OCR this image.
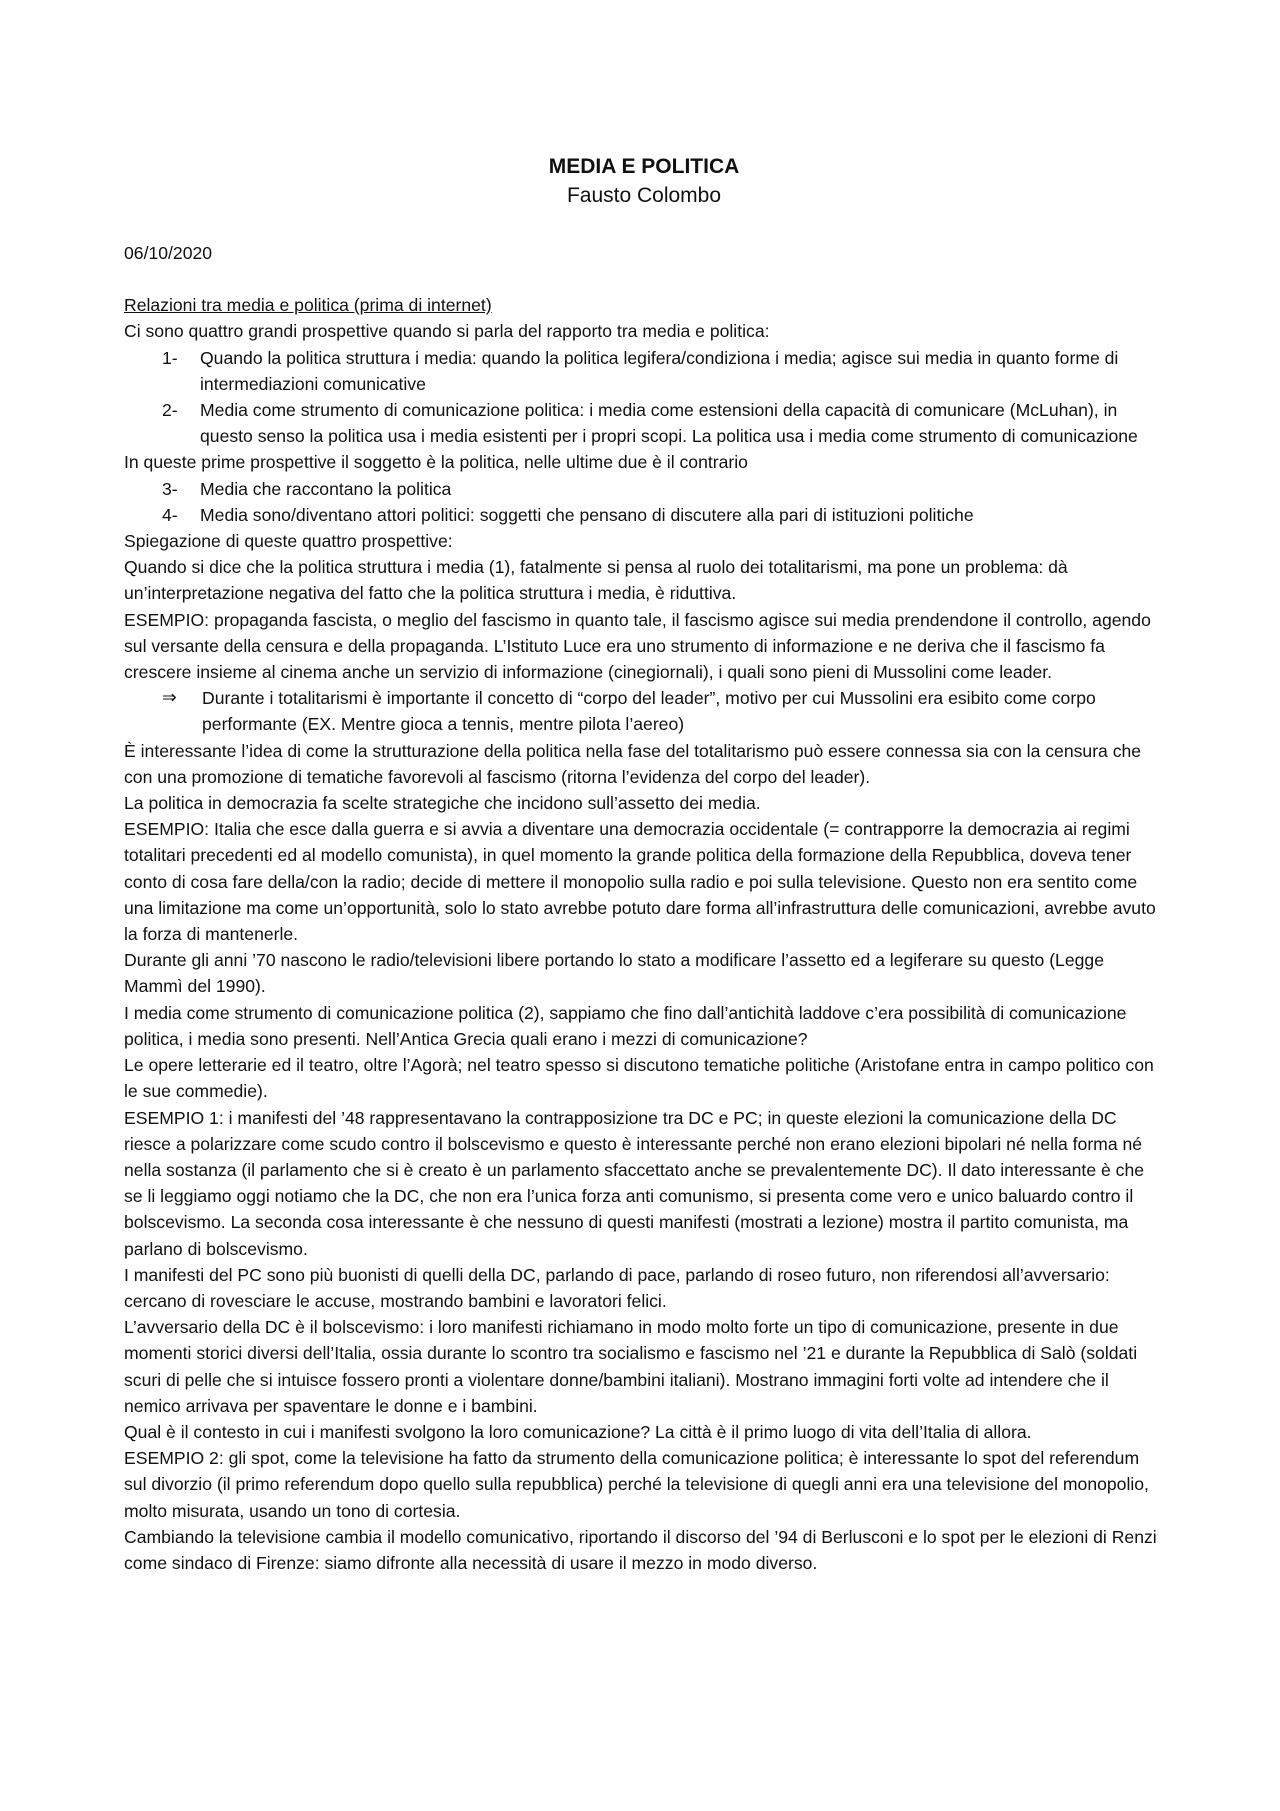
MEDIA E POLITICA
Fausto Colombo

06/10/2020

Relazioni tra media e politica (prima di internet)

Ci sono quattro grandi prospettive quando si parla del rapporto tra media e politica:

1-	Quando la politica struttura i media: quando la politica legifera/condiziona i media; agisce sui media in quanto forme di intermediazioni comunicative
2-	Media come strumento di comunicazione politica: i media come estensioni della capacità di comunicare (McLuhan), in questo senso la politica usa i media esistenti per i propri scopi. La politica usa i media come strumento di comunicazione

In queste prime prospettive il soggetto è la politica, nelle ultime due è il contrario

3-	Media che raccontano la politica
4-	Media sono/diventano attori politici: soggetti che pensano di discutere alla pari di istituzioni politiche

Spiegazione di queste quattro prospettive:

Quando si dice che la politica struttura i media (1), fatalmente si pensa al ruolo dei totalitarismi, ma pone un problema: dà un’interpretazione negativa del fatto che la politica struttura i media, è riduttiva.

ESEMPIO: propaganda fascista, o meglio del fascismo in quanto tale, il fascismo agisce sui media prendendone il controllo, agendo sul versante della censura e della propaganda. L’Istituto Luce era uno strumento di informazione e ne deriva che il fascismo fa crescere insieme al cinema anche un servizio di informazione (cinegiornali), i quali sono pieni di Mussolini come leader.

⇒	Durante i totalitarismi è importante il concetto di “corpo del leader”, motivo per cui Mussolini era esibito come corpo performante (EX. Mentre gioca a tennis, mentre pilota l’aereo)

È interessante l’idea di come la strutturazione della politica nella fase del totalitarismo può essere connessa sia con la censura che con una promozione di tematiche favorevoli al fascismo (ritorna l’evidenza del corpo del leader).

La politica in democrazia fa scelte strategiche che incidono sull’assetto dei media.

ESEMPIO: Italia che esce dalla guerra e si avvia a diventare una democrazia occidentale (= contrapporre la democrazia ai regimi totalitari precedenti ed al modello comunista), in quel momento la grande politica della formazione della Repubblica, doveva tener conto di cosa fare della/con la radio; decide di mettere il monopolio sulla radio e poi sulla televisione. Questo non era sentito come una limitazione ma come un’opportunità, solo lo stato avrebbe potuto dare forma all’infrastruttura delle comunicazioni, avrebbe avuto la forza di mantenerle.

Durante gli anni ’70 nascono le radio/televisioni libere portando lo stato a modificare l’assetto ed a legiferare su questo (Legge Mammì del 1990).

I media come strumento di comunicazione politica (2), sappiamo che fino dall’antichità laddove c’era possibilità di comunicazione politica, i media sono presenti. Nell’Antica Grecia quali erano i mezzi di comunicazione?

Le opere letterarie ed il teatro, oltre l’Agorà; nel teatro spesso si discutono tematiche politiche (Aristofane entra in campo politico con le sue commedie).

ESEMPIO 1: i manifesti del ’48 rappresentavano la contrapposizione tra DC e PC; in queste elezioni la comunicazione della DC riesce a polarizzare come scudo contro il bolscevismo e questo è interessante perché non erano elezioni bipolari né nella forma né nella sostanza (il parlamento che si è creato è un parlamento sfaccettato anche se prevalentemente DC). Il dato interessante è che se li leggiamo oggi notiamo che la DC, che non era l’unica forza anti comunismo, si presenta come vero e unico baluardo contro il bolscevismo. La seconda cosa interessante è che nessuno di questi manifesti (mostrati a lezione) mostra il partito comunista, ma parlano di bolscevismo.

I manifesti del PC sono più buonisti di quelli della DC, parlando di pace, parlando di roseo futuro, non riferendosi all’avversario: cercano di rovesciare le accuse, mostrando bambini e lavoratori felici.

L’avversario della DC è il bolscevismo: i loro manifesti richiamano in modo molto forte un tipo di comunicazione, presente in due momenti storici diversi dell’Italia, ossia durante lo scontro tra socialismo e fascismo nel ’21 e durante la Repubblica di Salò (soldati scuri di pelle che si intuisce fossero pronti a violentare donne/bambini italiani). Mostrano immagini forti volte ad intendere che il nemico arrivava per spaventare le donne e i bambini.

Qual è il contesto in cui i manifesti svolgono la loro comunicazione? La città è il primo luogo di vita dell’Italia di allora.

ESEMPIO 2: gli spot, come la televisione ha fatto da strumento della comunicazione politica; è interessante lo spot del referendum sul divorzio (il primo referendum dopo quello sulla repubblica) perché la televisione di quegli anni era una televisione del monopolio, molto misurata, usando un tono di cortesia.

Cambiando la televisione cambia il modello comunicativo, riportando il discorso del ’94 di Berlusconi e lo spot per le elezioni di Renzi come sindaco di Firenze: siamo difronte alla necessità di usare il mezzo in modo diverso.
